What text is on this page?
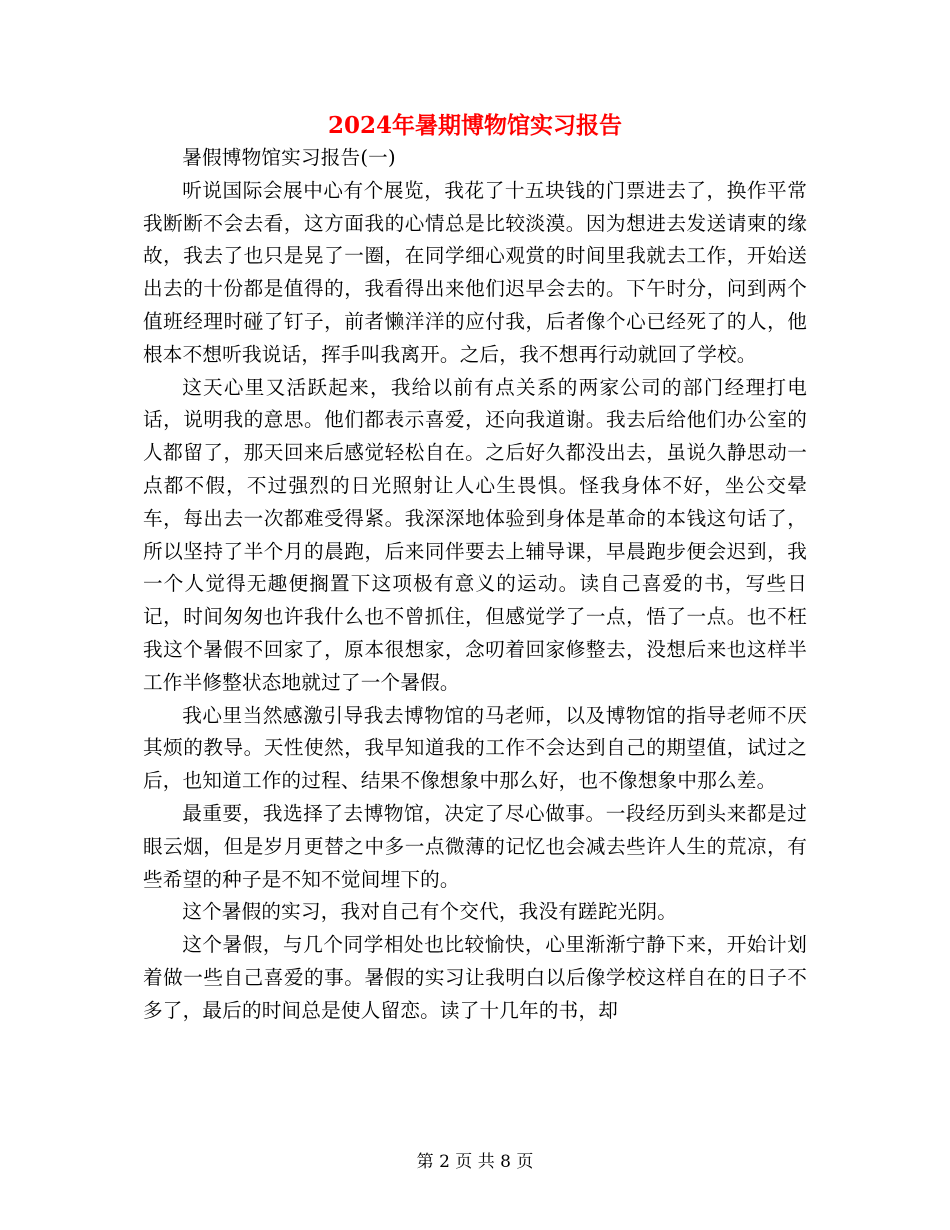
2024年暑期博物馆实习报告

暑假博物馆实习报告(一)

听说国际会展中心有个展览，我花了十五块钱的门票进去了，换作平常我断断不会去看，这方面我的心情总是比较淡漠。因为想进去发送请柬的缘故，我去了也只是晃了一圈，在同学细心观赏的时间里我就去工作，开始送出去的十份都是值得的，我看得出来他们迟早会去的。下午时分，问到两个值班经理时碰了钉子，前者懒洋洋的应付我，后者像个心已经死了的人，他根本不想听我说话，挥手叫我离开。之后，我不想再行动就回了学校。

这天心里又活跃起来，我给以前有点关系的两家公司的部门经理打电话，说明我的意思。他们都表示喜爱，还向我道谢。我去后给他们办公室的人都留了，那天回来后感觉轻松自在。之后好久都没出去，虽说久静思动一点都不假，不过强烈的日光照射让人心生畏惧。怪我身体不好，坐公交晕车，每出去一次都难受得紧。我深深地体验到身体是革命的本钱这句话了，所以坚持了半个月的晨跑，后来同伴要去上辅导课，早晨跑步便会迟到，我一个人觉得无趣便搁置下这项极有意义的运动。读自己喜爱的书，写些日记，时间匆匆也许我什么也不曾抓住，但感觉学了一点，悟了一点。也不枉我这个暑假不回家了，原本很想家，念叨着回家修整去，没想后来也这样半工作半修整状态地就过了一个暑假。

我心里当然感激引导我去博物馆的马老师，以及博物馆的指导老师不厌其烦的教导。天性使然，我早知道我的工作不会达到自己的期望值，试过之后，也知道工作的过程、结果不像想象中那么好，也不像想象中那么差。

最重要，我选择了去博物馆，决定了尽心做事。一段经历到头来都是过眼云烟，但是岁月更替之中多一点微薄的记忆也会减去些许人生的荒凉，有些希望的种子是不知不觉间埋下的。

这个暑假的实习，我对自己有个交代，我没有蹉跎光阴。

这个暑假，与几个同学相处也比较愉快，心里渐渐宁静下来，开始计划着做一些自己喜爱的事。暑假的实习让我明白以后像学校这样自在的日子不多了，最后的时间总是使人留恋。读了十几年的书，却

第 2 页 共 8 页
